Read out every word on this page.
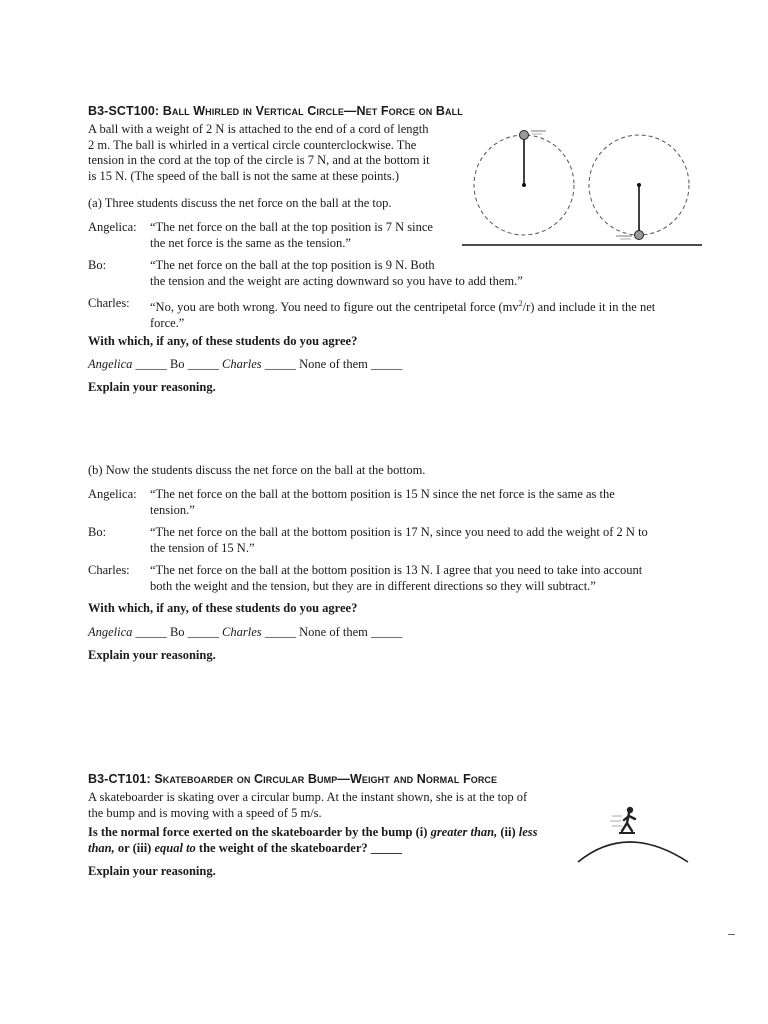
B3-SCT100: Ball Whirled in Vertical Circle—Net Force on Ball
A ball with a weight of 2 N is attached to the end of a cord of length
2 m. The ball is whirled in a vertical circle counterclockwise. The
tension in the cord at the top of the circle is 7 N, and at the bottom it
is 15 N. (The speed of the ball is not the same at these points.)
(a) Three students discuss the net force on the ball at the top.
Angelica: “The net force on the ball at the top position is 7 N since
the net force is the same as the tension.”
Bo:	“The net force on the ball at the top position is 9 N. Both
the tension and the weight are acting downward so you have to add them.”
Charles: “No, you are both wrong. You need to figure out the centripetal force $(mv^2/r)$ and include it in the net
force.”
With which, if any, of these students do you agree?
Angelica _____ Bo _____ Charles _____ None of them _____
Explain your reasoning.
(b) Now the students discuss the net force on the ball at the bottom.
Angelica: “The net force on the ball at the bottom position is 15 N since the net force is the same as the
tension.”
Bo:	“The net force on the ball at the bottom position is 17 N, since you need to add the weight of 2 N to
the tension of 15 N.”
Charles: “The net force on the ball at the bottom position is 13 N. I agree that you need to take into account
both the weight and the tension, but they are in different directions so they will subtract.”
With which, if any, of these students do you agree?
Angelica _____ Bo _____ Charles _____ None of them _____
Explain your reasoning.
B3-CT101: Skateboarder on Circular Bump—Weight and Normal Force
A skateboarder is skating over a circular bump. At the instant shown, she is at the top of
the bump and is moving with a speed of 5 m/s.
Is the normal force exerted on the skateboarder by the bump (i) greater than, (ii) less
than, or (iii) equal to the weight of the skateboarder? _____
Explain your reasoning.
